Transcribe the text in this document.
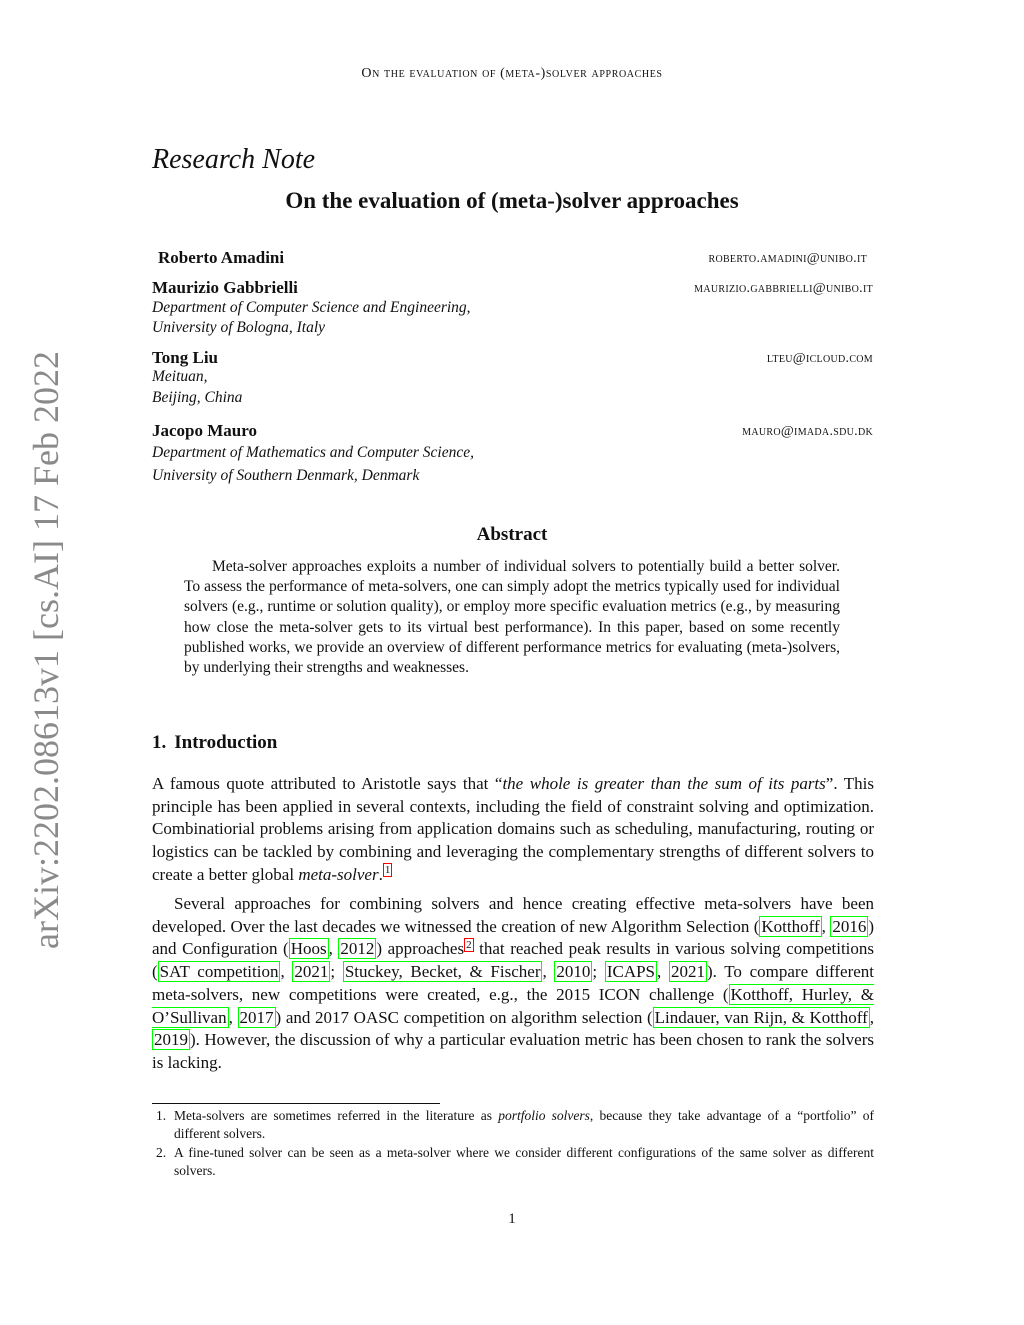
On the evaluation of (meta-)solver approaches
arXiv:2202.08613v1 [cs.AI] 17 Feb 2022
Research Note
On the evaluation of (meta-)solver approaches
Roberto Amadini	roberto.amadini@unibo.it
Maurizio Gabbrielli	maurizio.gabbrielli@unibo.it
Department of Computer Science and Engineering,
University of Bologna, Italy
Tong Liu	lteu@icloud.com
Meituan,
Beijing, China
Jacopo Mauro	mauro@imada.sdu.dk
Department of Mathematics and Computer Science,
University of Southern Denmark, Denmark
Abstract
Meta-solver approaches exploits a number of individual solvers to potentially build a better solver. To assess the performance of meta-solvers, one can simply adopt the metrics typically used for individual solvers (e.g., runtime or solution quality), or employ more specific evaluation metrics (e.g., by measuring how close the meta-solver gets to its virtual best performance). In this paper, based on some recently published works, we provide an overview of different performance metrics for evaluating (meta-)solvers, by underlying their strengths and weaknesses.
1. Introduction
A famous quote attributed to Aristotle says that “the whole is greater than the sum of its parts”. This principle has been applied in several contexts, including the field of constraint solving and optimization. Combinatiorial problems arising from application domains such as scheduling, manufacturing, routing or logistics can be tackled by combining and leveraging the complementary strengths of different solvers to create a better global meta-solver. $^1$
Several approaches for combining solvers and hence creating effective meta-solvers have been developed. Over the last decades we witnessed the creation of new Algorithm Selection ( Kotthoff , 2016 ) and Configuration ( Hoos , 2012 ) approaches $^2$ that reached peak results in various solving competitions ( SAT competition , 2021 ; Stuckey, Becket, & Fischer , 2010 ; ICAPS , 2021 ). To compare different meta-solvers, new competitions were created, e.g., the 2015 ICON challenge ( Kotthoff, Hurley, & O’Sullivan , 2017 ) and 2017 OASC competition on algorithm selection ( Lindauer, van Rijn, & Kotthoff , 2019 ). However, the discussion of why a particular evaluation metric has been chosen to rank the solvers is lacking.
1. Meta-solvers are sometimes referred in the literature as portfolio solvers, because they take advantage of a “portfolio” of different solvers.
2. A fine-tuned solver can be seen as a meta-solver where we consider different configurations of the same solver as different solvers.
1
